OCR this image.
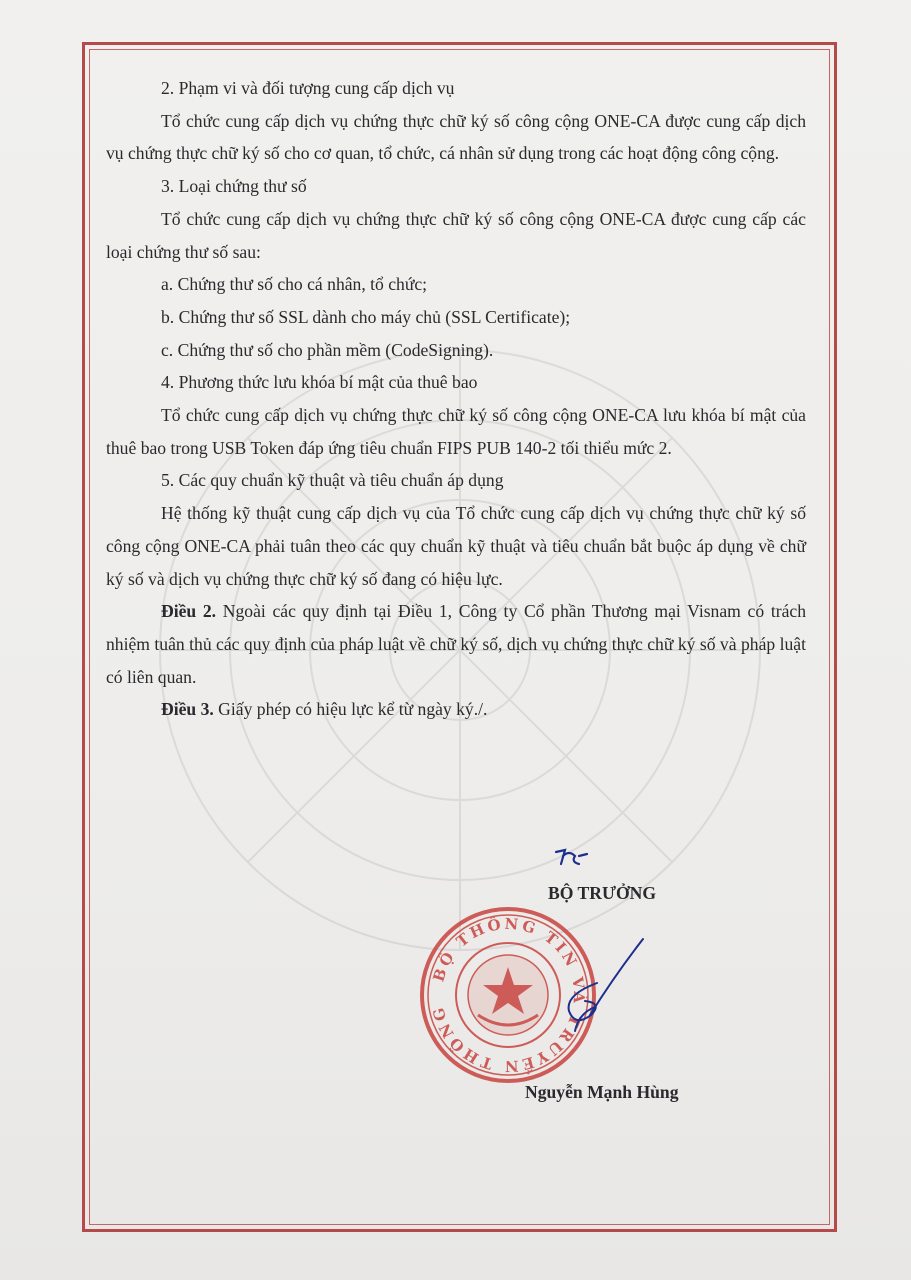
2. Phạm vi và đối tượng cung cấp dịch vụ

Tổ chức cung cấp dịch vụ chứng thực chữ ký số công cộng ONE-CA được cung cấp dịch vụ chứng thực chữ ký số cho cơ quan, tổ chức, cá nhân sử dụng trong các hoạt động công cộng.

3. Loại chứng thư số

Tổ chức cung cấp dịch vụ chứng thực chữ ký số công cộng ONE-CA được cung cấp các loại chứng thư số sau:

a. Chứng thư số cho cá nhân, tổ chức;

b. Chứng thư số SSL dành cho máy chủ (SSL Certificate);

c. Chứng thư số cho phần mềm (CodeSigning).

4. Phương thức lưu khóa bí mật của thuê bao

Tổ chức cung cấp dịch vụ chứng thực chữ ký số công cộng ONE-CA lưu khóa bí mật của thuê bao trong USB Token đáp ứng tiêu chuẩn FIPS PUB 140-2 tối thiểu mức 2.

5. Các quy chuẩn kỹ thuật và tiêu chuẩn áp dụng

Hệ thống kỹ thuật cung cấp dịch vụ của Tổ chức cung cấp dịch vụ chứng thực chữ ký số công cộng ONE-CA phải tuân theo các quy chuẩn kỹ thuật và tiêu chuẩn bắt buộc áp dụng về chữ ký số và dịch vụ chứng thực chữ ký số đang có hiệu lực.

Điều 2. Ngoài các quy định tại Điều 1, Công ty Cổ phần Thương mại Visnam có trách nhiệm tuân thủ các quy định của pháp luật về chữ ký số, dịch vụ chứng thực chữ ký số và pháp luật có liên quan.

Điều 3. Giấy phép có hiệu lực kể từ ngày ký./.

BỘ TRƯỞNG
BỘ THÔNG TIN VÀ TRUYỀN THÔNG
Nguyễn Mạnh Hùng
